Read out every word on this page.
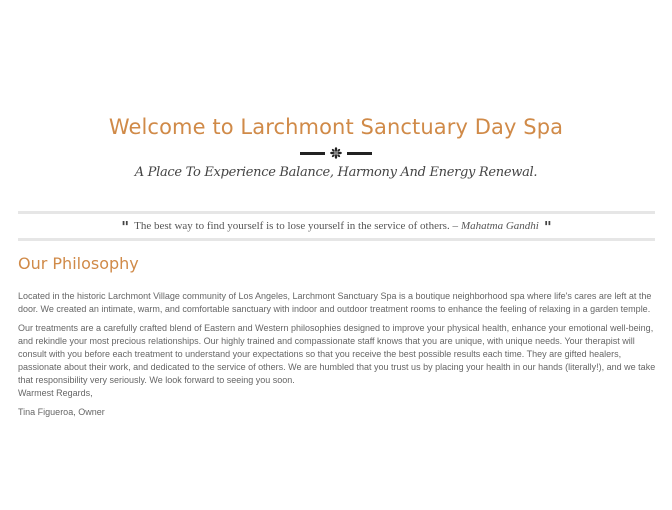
Welcome to Larchmont Sanctuary Day Spa
A Place To Experience Balance, Harmony And Energy Renewal.
" The best way to find yourself is to lose yourself in the service of others. – Mahatma Gandhi "
Our Philosophy

Located in the historic Larchmont Village community of Los Angeles, Larchmont Sanctuary Spa is a boutique neighborhood spa where life's cares are left at the door. We created an intimate, warm, and comfortable sanctuary with indoor and outdoor treatment rooms to enhance the feeling of relaxing in a garden temple.

Our treatments are a carefully crafted blend of Eastern and Western philosophies designed to improve your physical health, enhance your emotional well-being, and rekindle your most precious relationships. Our highly trained and compassionate staff knows that you are unique, with unique needs. Your therapist will consult with you before each treatment to understand your expectations so that you receive the best possible results each time. They are gifted healers, passionate about their work, and dedicated to the service of others. We are humbled that you trust us by placing your health in our hands (literally!), and we take that responsibility very seriously. We look forward to seeing you soon.

Warmest Regards,

Tina Figueroa, Owner
